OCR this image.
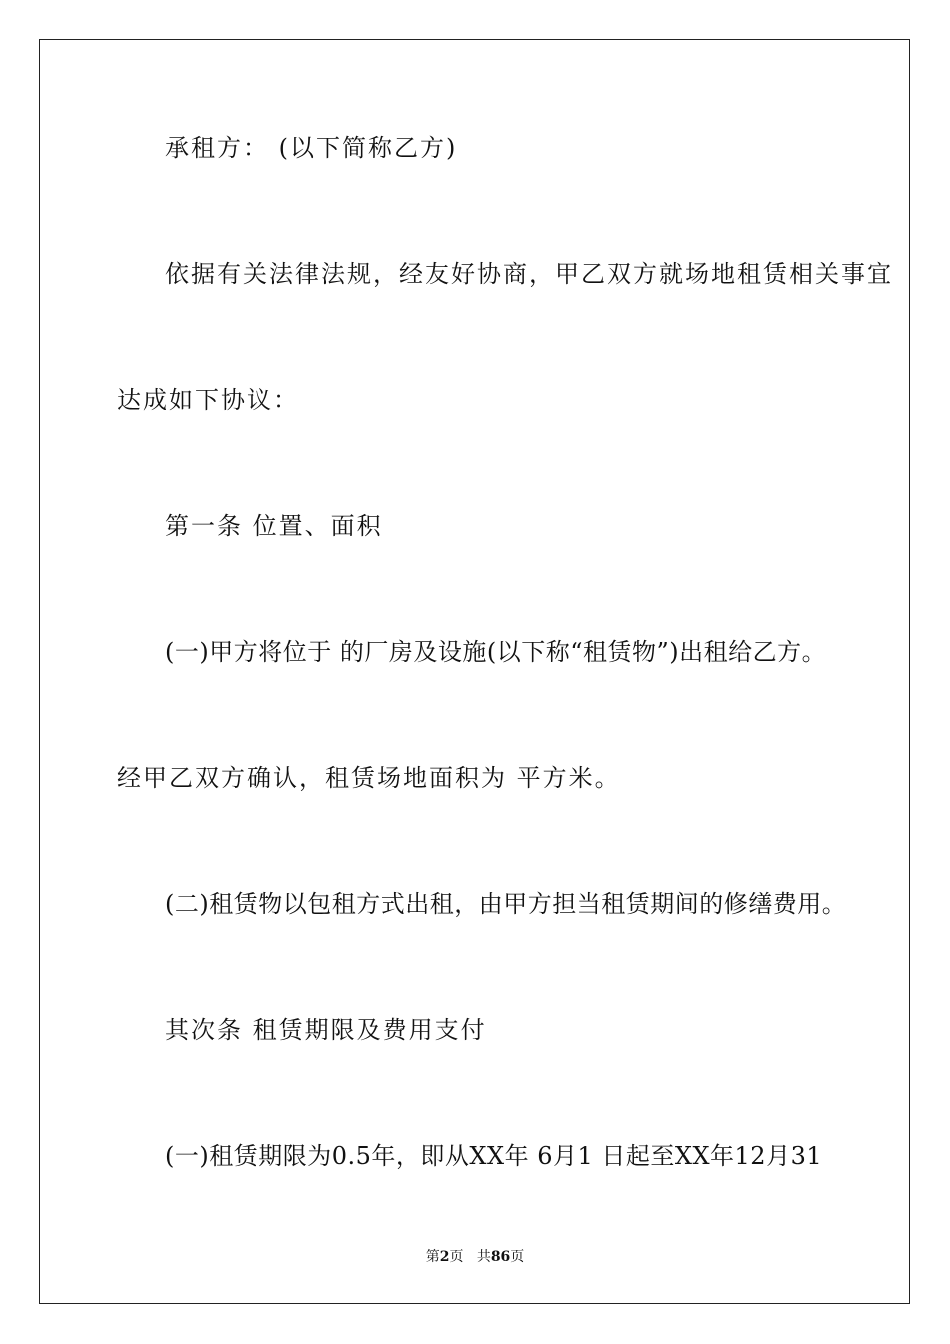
承租方： (以下简称乙方)
依据有关法律法规，经友好协商，甲乙双方就场地租赁相关事宜
达成如下协议：
第一条 位置、面积
(一)甲方将位于 的厂房及设施(以下称“租赁物”)出租给乙方。
经甲乙双方确认，租赁场地面积为 平方米。
(二)租赁物以包租方式出租，由甲方担当租赁期间的修缮费用。
其次条 租赁期限及费用支付
(一)租赁期限为0.5年，即从XX年 6月1 日起至XX年12月31
第2页 共86页
